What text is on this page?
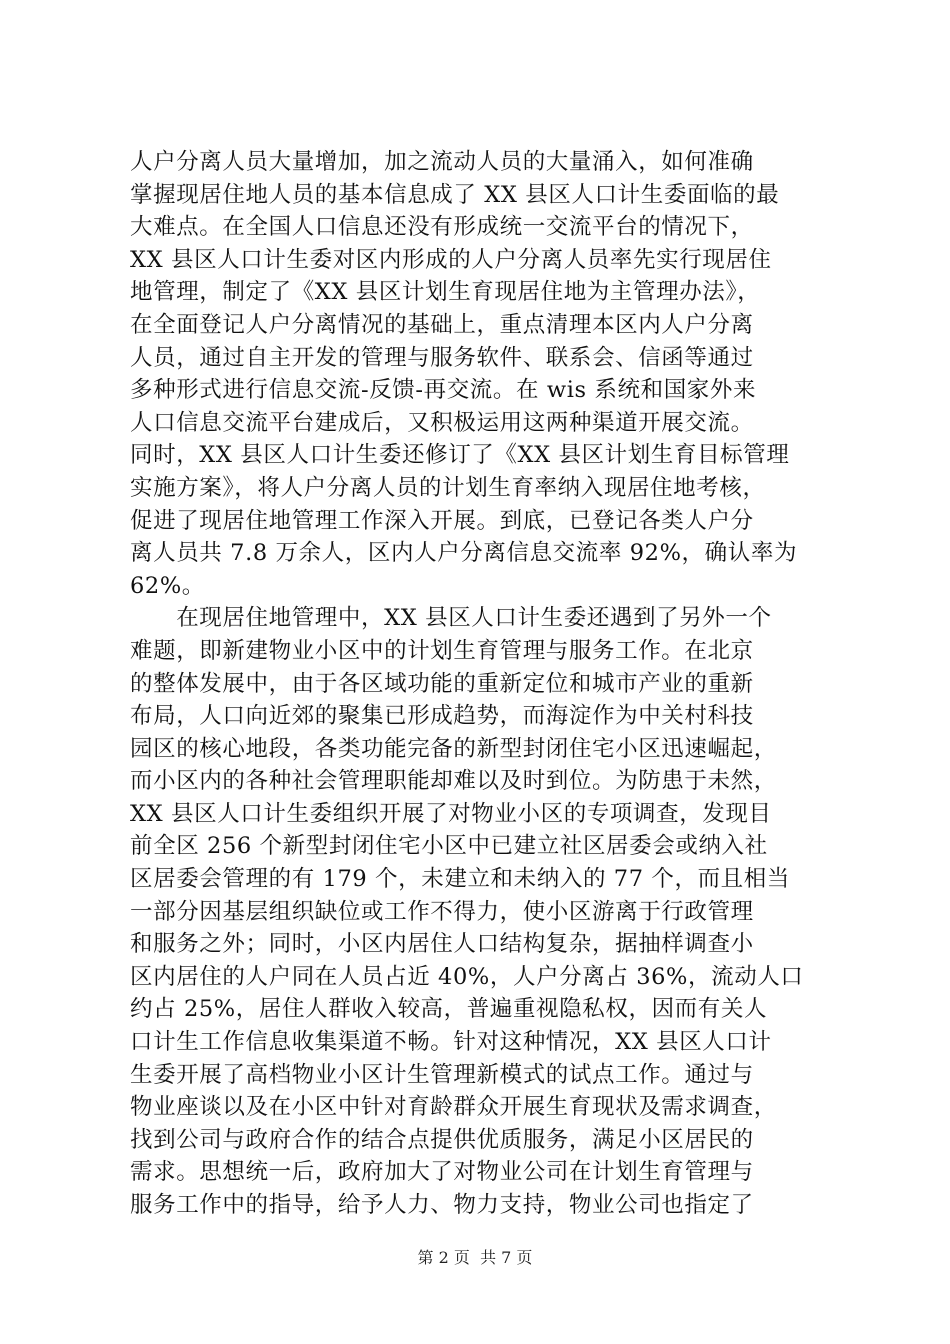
人户分离人员大量增加，加之流动人员的大量涌入，如何准确
掌握现居住地人员的基本信息成了 XX 县区人口计生委面临的最
大难点。在全国人口信息还没有形成统一交流平台的情况下，
XX 县区人口计生委对区内形成的人户分离人员率先实行现居住
地管理，制定了《XX 县区计划生育现居住地为主管理办法》，
在全面登记人户分离情况的基础上，重点清理本区内人户分离
人员，通过自主开发的管理与服务软件、联系会、信函等通过
多种形式进行信息交流-反馈-再交流。在 wis 系统和国家外来
人口信息交流平台建成后，又积极运用这两种渠道开展交流。
同时，XX 县区人口计生委还修订了《XX 县区计划生育目标管理
实施方案》，将人户分离人员的计划生育率纳入现居住地考核，
促进了现居住地管理工作深入开展。到底，已登记各类人户分
离人员共 7.8 万余人，区内人户分离信息交流率 92%，确认率为
62%。
　　在现居住地管理中，XX 县区人口计生委还遇到了另外一个
难题，即新建物业小区中的计划生育管理与服务工作。在北京
的整体发展中，由于各区域功能的重新定位和城市产业的重新
布局，人口向近郊的聚集已形成趋势，而海淀作为中关村科技
园区的核心地段，各类功能完备的新型封闭住宅小区迅速崛起，
而小区内的各种社会管理职能却难以及时到位。为防患于未然，
XX 县区人口计生委组织开展了对物业小区的专项调查，发现目
前全区 256 个新型封闭住宅小区中已建立社区居委会或纳入社
区居委会管理的有 179 个，未建立和未纳入的 77 个，而且相当
一部分因基层组织缺位或工作不得力，使小区游离于行政管理
和服务之外；同时，小区内居住人口结构复杂，据抽样调查小
区内居住的人户同在人员占近 40%，人户分离占 36%，流动人口
约占 25%，居住人群收入较高，普遍重视隐私权，因而有关人
口计生工作信息收集渠道不畅。针对这种情况，XX 县区人口计
生委开展了高档物业小区计生管理新模式的试点工作。通过与
物业座谈以及在小区中针对育龄群众开展生育现状及需求调查，
找到公司与政府合作的结合点提供优质服务，满足小区居民的
需求。思想统一后，政府加大了对物业公司在计划生育管理与
服务工作中的指导，给予人力、物力支持，物业公司也指定了
第 2 页  共 7 页
